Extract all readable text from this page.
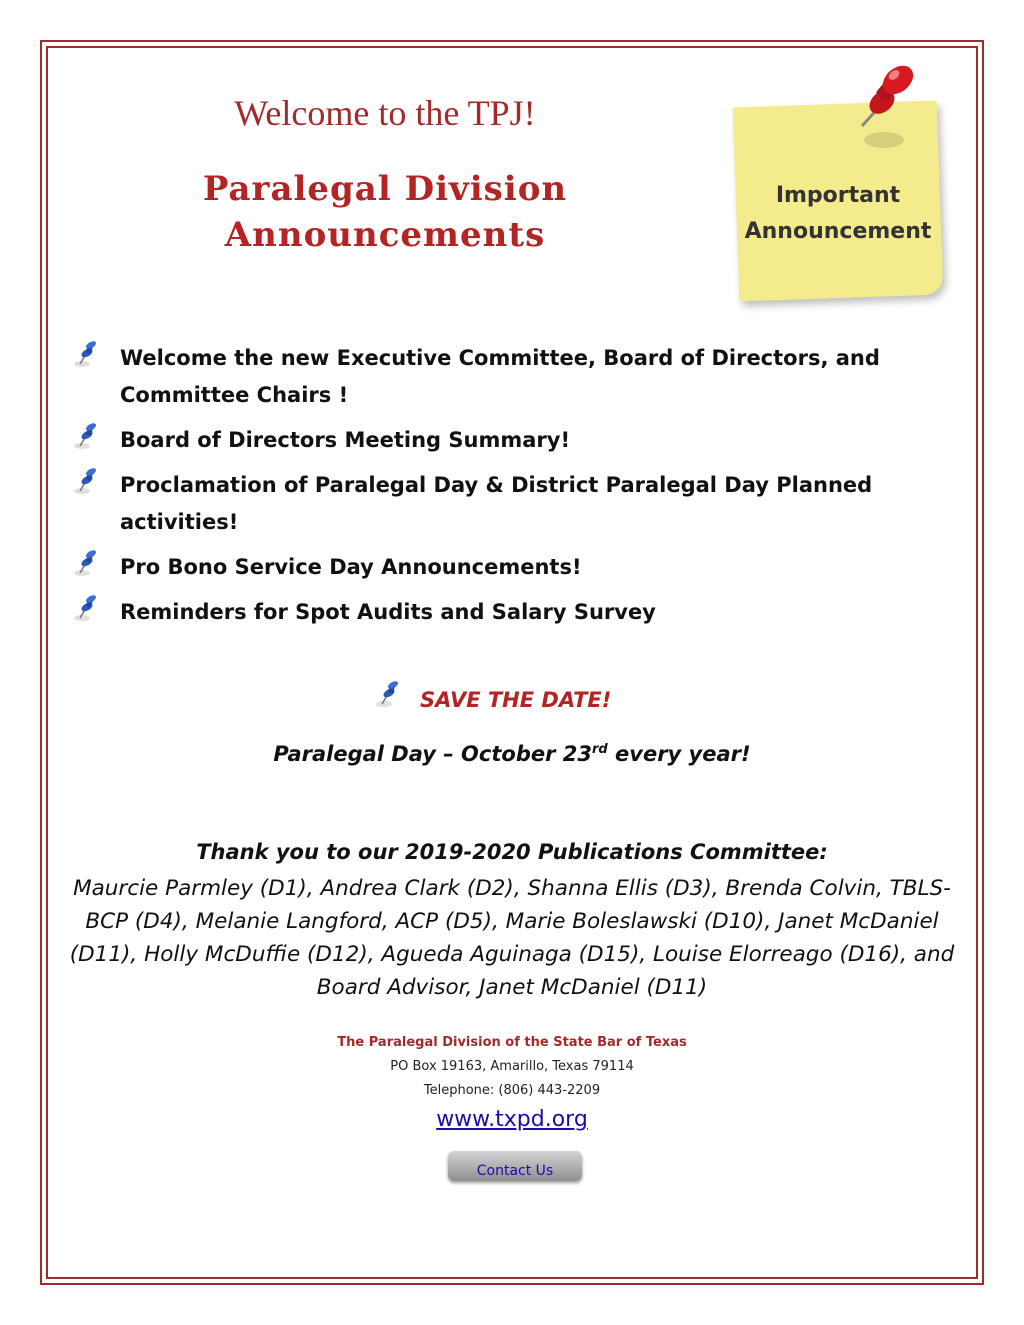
Welcome to the TPJ!
Paralegal Division
Announcements
Important
Announcement
Welcome the new Executive Committee, Board of Directors, and Committee Chairs !
Board of Directors Meeting Summary!
Proclamation of Paralegal Day & District Paralegal Day Planned activities!
Pro Bono Service Day Announcements!
Reminders for Spot Audits and Salary Survey
SAVE THE DATE!
Paralegal Day – October 23rd every year!
Thank you to our 2019-2020 Publications Committee:
Maurcie Parmley (D1), Andrea Clark (D2), Shanna Ellis (D3), Brenda Colvin, TBLS-BCP (D4), Melanie Langford, ACP (D5), Marie Boleslawski (D10), Janet McDaniel (D11), Holly McDuffie (D12), Agueda Aguinaga (D15), Louise Elorreago (D16), and Board Advisor, Janet McDaniel (D11)
The Paralegal Division of the State Bar of Texas
PO Box 19163, Amarillo, Texas 79114
Telephone: (806) 443-2209
www.txpd.org
Contact Us
